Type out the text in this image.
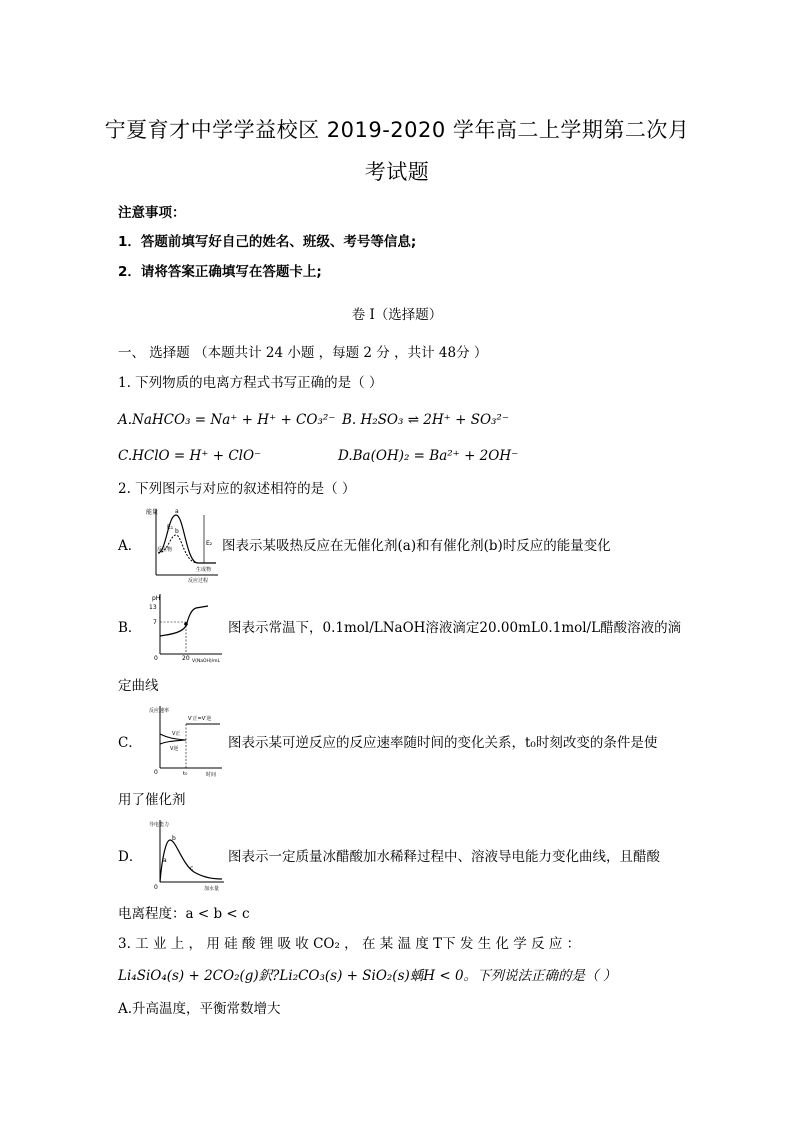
宁夏育才中学学益校区 2019-2020 学年高二上学期第二次月
考试题
注意事项：
1．答题前填写好自己的姓名、班级、考号等信息;
2．请将答案正确填写在答题卡上;
卷 I（选择题）
一、 选择题 （本题共计 24 小题 ，每题 2 分 ，共计 48分 ）
1. 下列物质的电离方程式书写正确的是（ ）
A.NaHCO₃ = Na⁺ + H⁺ + CO₃²⁻ B. H₂SO₃ ⇌ 2H⁺ + SO₃²⁻
C.HClO = H⁺ + ClO⁻	D.Ba(OH)₂ = Ba²⁺ + 2OH⁻
2. 下列图示与对应的叙述相符的是（ ）
A．
能量
E₁
E₂
a
b
反应物
生成物
反应过程
图表示某吸热反应在无催化剂(a)和有催化剂(b)时反应的能量变化
B．
pH
13
7
0	20 V(NaOH)/mL
图表示常温下，0.1mol/LNaOH溶液滴定20.00mL0.1mol/L醋酸溶液的滴
定曲线
C．
反应速率
V′正=V′逆
V正
V逆
0	t₀	时间
图表示某可逆反应的反应速率随时间的变化关系，t₀时刻改变的条件是使
用了催化剂
D．
导电能力
a
b
c
0	加水量
图表示一定质量冰醋酸加水稀释过程中、溶液导电能力变化曲线，且醋酸
电离程度：a < b < c
3. 工 业 上 ， 用 硅 酸 锂 吸 收 CO₂ ， 在 某 温 度 T下 发 生 化 学 反 应 ：
Li₄SiO₄(s) + 2CO₂(g)鈬?Li₂CO₃(s) + SiO₂(s)蝺H < 0。下列说法正确的是（ ）
A.升高温度，平衡常数增大
